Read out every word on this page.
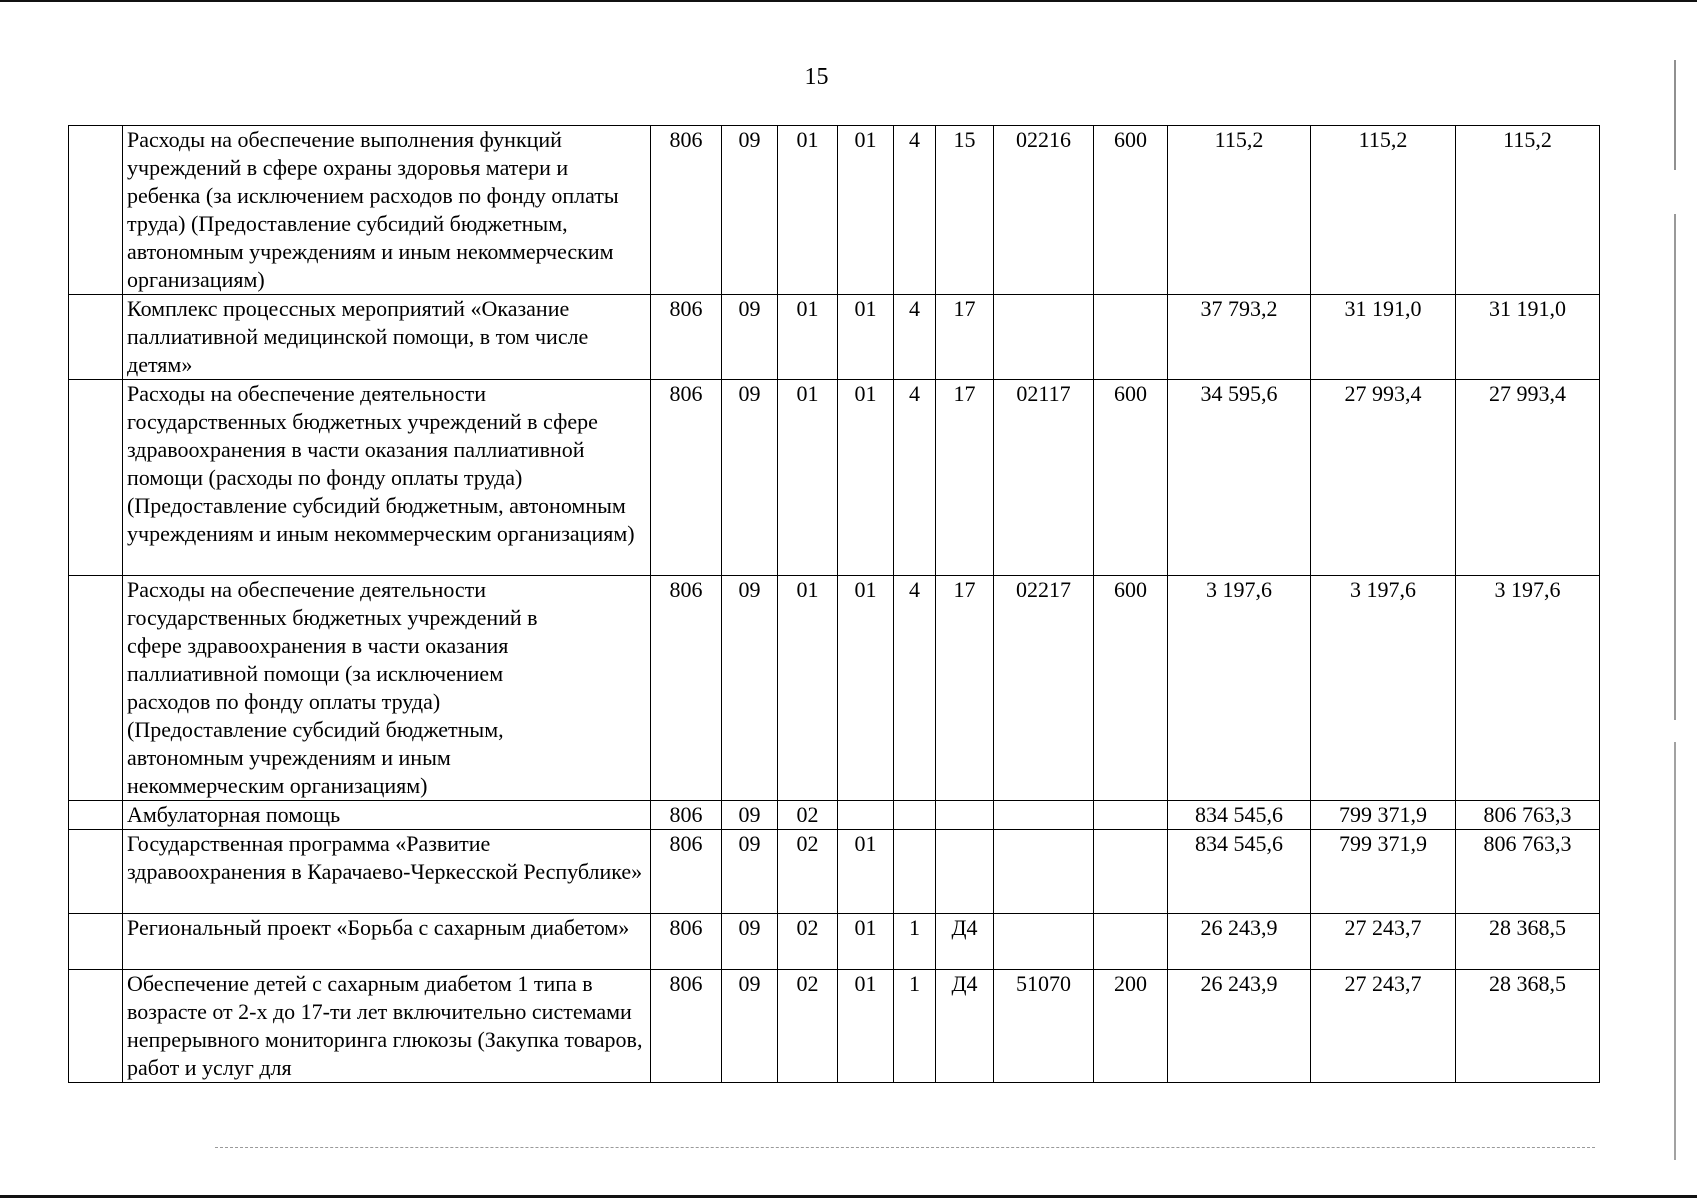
15
	Расходы на обеспечение выполнения функций учреждений в сфере охраны здоровья матери и ребенка (за исключением расходов по фонду оплаты труда) (Предоставление субсидий бюджетным, автономным учреждениям и иным некоммерческим организациям)	806	09	01	01	4	15	02216	600	115,2	115,2	115,2
	Комплекс процессных мероприятий «Оказание паллиативной медицинской помощи, в том числе детям»	806	09	01	01	4	17			37 793,2	31 191,0	31 191,0
	Расходы на обеспечение деятельности государственных бюджетных учреждений в сфере здравоохранения в части оказания паллиативной помощи (расходы по фонду оплаты труда) (Предоставление субсидий бюджетным, автономным учреждениям и иным некоммерческим организациям)	806	09	01	01	4	17	02117	600	34 595,6	27 993,4	27 993,4
	Расходы на обеспечение деятельности государственных бюджетных учреждений в сфере здравоохранения в части оказания паллиативной помощи (за исключением расходов по фонду оплаты труда) (Предоставление субсидий бюджетным, автономным учреждениям и иным некоммерческим организациям)	806	09	01	01	4	17	02217	600	3 197,6	3 197,6	3 197,6
	Амбулаторная помощь	806	09	02						834 545,6	799 371,9	806 763,3
	Государственная программа «Развитие здравоохранения в Карачаево-Черкесской Республике»	806	09	02	01					834 545,6	799 371,9	806 763,3
	Региональный проект «Борьба с сахарным диабетом»	806	09	02	01	1	Д4			26 243,9	27 243,7	28 368,5
	Обеспечение детей с сахарным диабетом 1 типа в возрасте от 2-х до 17-ти лет включительно системами непрерывного мониторинга глюкозы (Закупка товаров, работ и услуг для	806	09	02	01	1	Д4	51070	200	26 243,9	27 243,7	28 368,5
